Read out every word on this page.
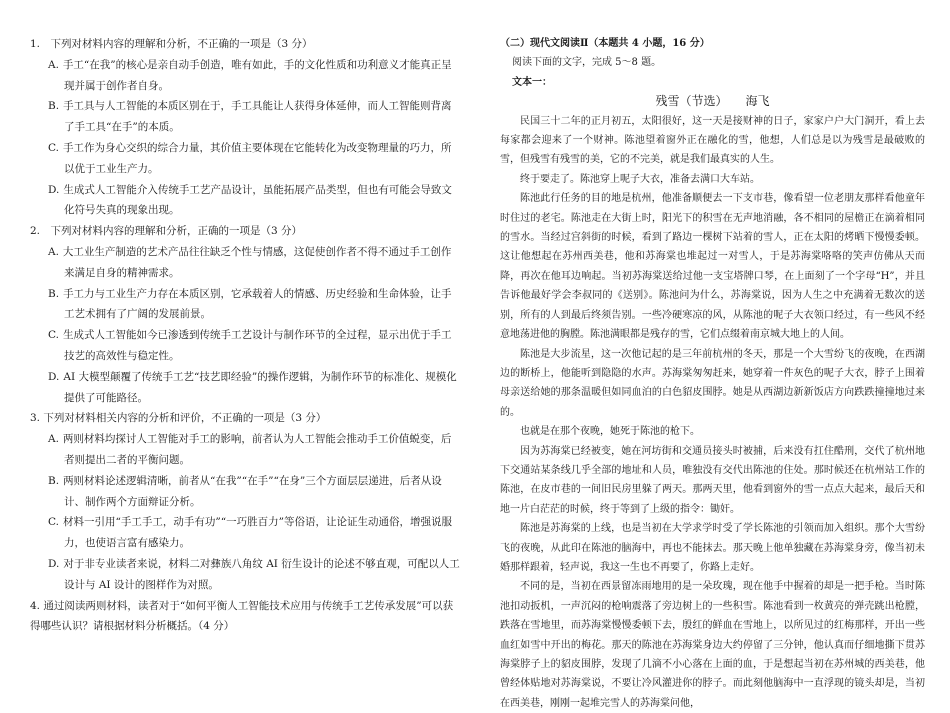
1.　下列对材料内容的理解和分析，不正确的一项是（3 分）

A. 手工“在我”的核心是亲自动手创造，唯有如此，手的文化性质和功利意义才能真正呈现并属于创作者自身。

B. 手工具与人工智能的本质区别在于，手工具能让人获得身体延伸，而人工智能则背离了手工具“在手”的本质。

C. 手工作为身心交织的综合力量，其价值主要体现在它能转化为改变物理量的巧力，所以优于工业生产力。

D. 生成式人工智能介入传统手工艺产品设计，虽能拓展产品类型，但也有可能会导致文化符号失真的现象出现。

2.　下列对材料内容的理解和分析，正确的一项是（3 分）

A. 大工业生产制造的艺术产品往往缺乏个性与情感，这促使创作者不得不通过手工创作来满足自身的精神需求。

B. 手工力与工业生产力存在本质区别，它承载着人的情感、历史经验和生命体验，让手工艺术拥有了广阔的发展前景。

C. 生成式人工智能如今已渗透到传统手工艺设计与制作环节的全过程，显示出优于手工技艺的高效性与稳定性。

D. AI 大模型颠覆了传统手工艺“技艺即经验”的操作逻辑，为制作环节的标准化、规模化提供了可能路径。

3. 下列对材料相关内容的分析和评价，不正确的一项是（3 分）

A. 两则材料均探讨人工智能对手工的影响，前者认为人工智能会推动手工价值蜕变，后者则提出二者的平衡问题。

B. 两则材料论述逻辑清晰，前者从“在我”“在手”“在身”三个方面层层递进，后者从设计、制作两个方面辩证分析。

C. 材料一引用“手工手工，动手有功”“一巧胜百力”等俗语，让论证生动通俗，增强说服力，也使语言富有感染力。

D. 对于非专业读者来说，材料二对彝族八角纹 AI 衍生设计的论述不够直观，可配以人工设计与 AI 设计的图样作为对照。

4. 通过阅读两则材料，读者对于“如何平衡人工智能技术应用与传统手工艺传承发展”可以获得哪些认识？请根据材料分析概括。（4 分）

（二）现代文阅读Ⅱ（本题共 4 小题，16 分）

阅读下面的文字，完成 5～8 题。

文本一：

残雪（节选） 海飞

民国三十二年的正月初五，太阳很好，这一天是接财神的日子，家家户户大门洞开，看上去每家都会迎来了一个财神。陈池望着窗外正在融化的雪，他想，人们总是以为残雪是最破败的雪，但残雪有残雪的美，它的不完美，就是我们最真实的人生。

终于要走了。陈池穿上呢子大衣，准备去满口大车站。

陈池此行任务的目的地是杭州，他准备顺便去一下支市巷，像看望一位老朋友那样看他童年时住过的老宅。陈池走在大街上时，阳光下的积雪在无声地消融，各不相同的屋檐正在滴着相同的雪水。当经过宫斜街的时候，看到了路边一棵树下站着的雪人，正在太阳的烤晒下慢慢委顿。这让他想起在苏州西美巷，他和苏海棠也堆起过一对雪人，于是苏海棠咯咯的笑声仿佛从天而降，再次在他耳边响起。当初苏海棠送给过他一支宝塔牌口琴，在上面刻了一个字母“H”，并且告诉他最好学会李叔同的《送别》。陈池问为什么，苏海棠说，因为人生之中充满着无数次的送别，所有的人到最后终须告别。一些冷硬寒凉的风，从陈池的呢子大衣领口经过，有一些风不经意地荡进他的胸膛。陈池满眼都是残存的雪，它们点缀着南京城大地上的人间。

陈池是大步流星，这一次他记起的是三年前杭州的冬天，那是一个大雪纷飞的夜晚，在西湖边的断桥上，他能听到隐隐的水声。苏海棠匆匆赶来，她穿着一件灰色的呢子大衣，脖子上围着母亲送给她的那条温暖但如同血泊的白色貂皮围脖。她是从西湖边新新饭店方向跌跌撞撞地过来的。

也就是在那个夜晚，她死于陈池的枪下。

因为苏海棠已经被变，她在河坊街和交通员接头时被捕，后来没有扛住酷刑，交代了杭州地下交通站某条线几乎全部的地址和人员，唯独没有交代出陈池的住处。那时候还在杭州站工作的陈池，在皮市巷的一间旧民房里躲了两天。那两天里，他看到窗外的雪一点点大起来，最后天和地一片白茫茫的时候，终于等到了上级的指令：锄奸。

陈池是苏海棠的上线，也是当初在大学求学时受了学长陈池的引领而加入组织。那个大雪纷飞的夜晚，从此印在陈池的脑海中，再也不能抹去。那天晚上他单独藏在苏海棠身旁，像当初未婚那样跟着，轻声说，我这一生也不再要了，你路上走好。

不同的是，当初在西景留冻雨地用的是一朵玫瑰，现在他手中握着的却是一把手枪。当时陈池扣动扳机，一声沉闷的枪响震落了旁边树上的一些积雪。陈池看到一枚黄亮的弹壳跳出枪膛，跌落在雪地里，而苏海棠慢慢委顿下去，殷红的鲜血在雪地上，以所见过的红梅那样，开出一些血红如雪中开出的梅花。那天的陈池在苏海棠身边大约停留了三分钟，他认真而仔细地撕下贯苏海棠脖子上的貂皮围脖，发现了几滴不小心落在上面的血，于是想起当初在苏州城的西美巷，他曾经体贴地对苏海棠说，不要让冷风灌进你的脖子。而此刻他脑海中一直浮现的镜头却是，当初在西美巷，刚刚一起堆完雪人的苏海棠问他，
